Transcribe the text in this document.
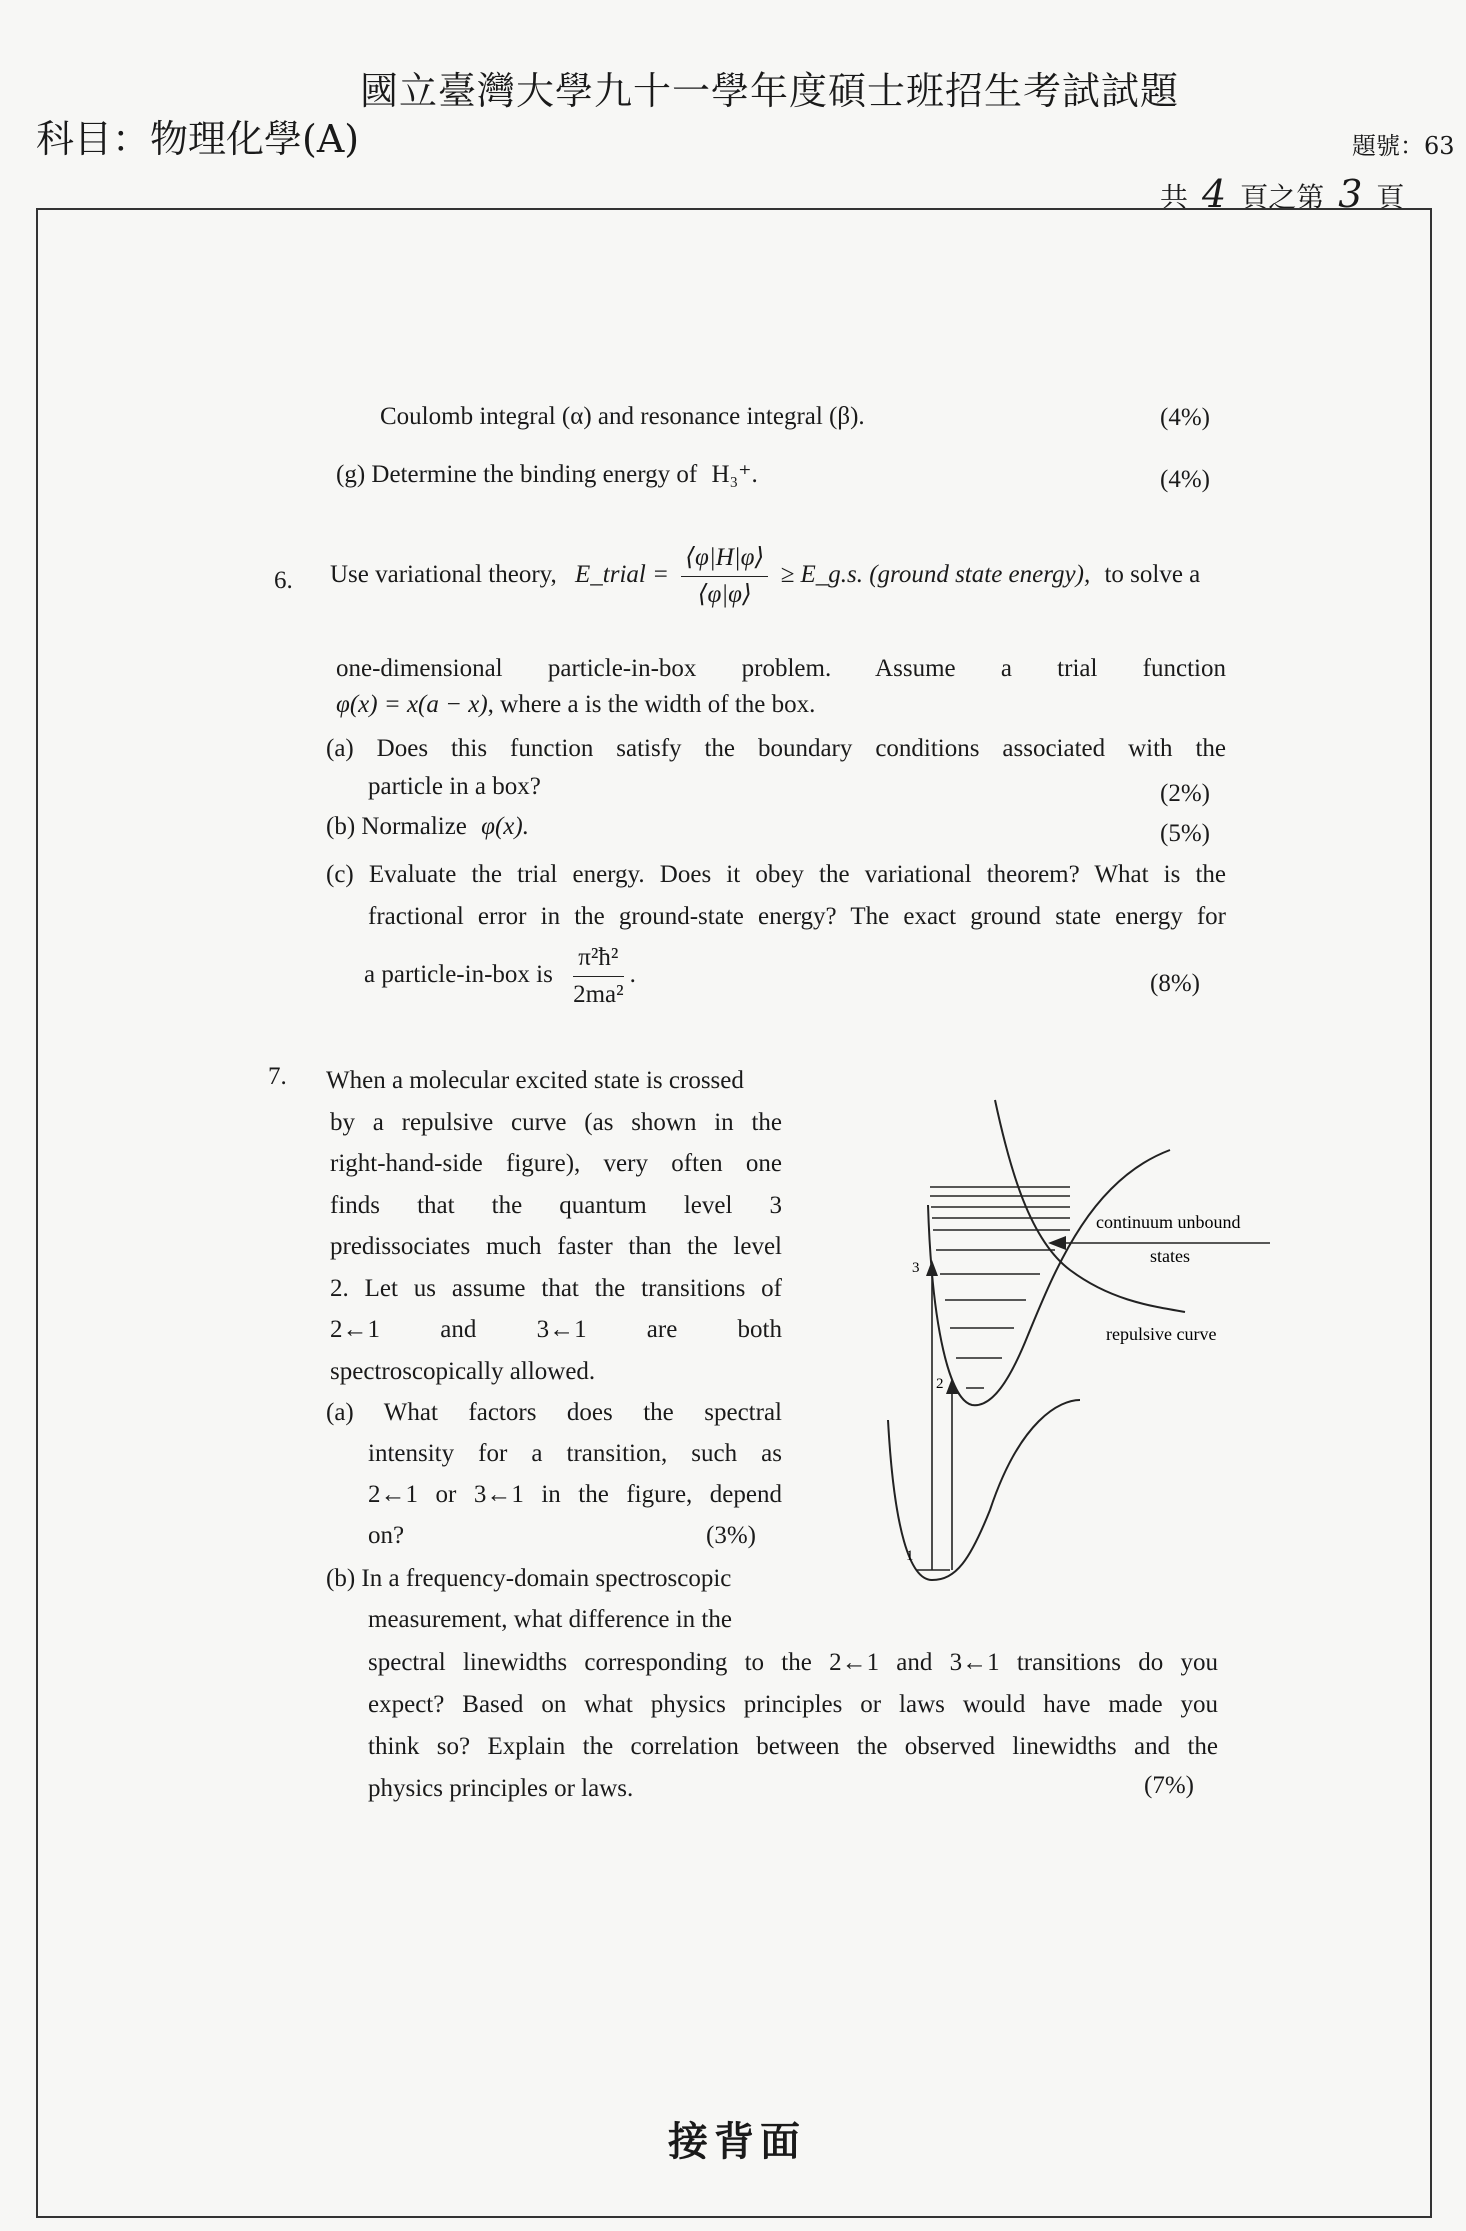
國立臺灣大學九十一學年度碩士班招生考試試題
科目：物理化學(A)	題號：63
共 4 頁之第 3 頁
Coulomb integral (α) and resonance integral (β).	(4%)
(g) Determine the binding energy of H₃⁺.	(4%)
6. Use variational theory, E_trial = $\frac{⟨\varphi|H|\varphi⟩}{⟨\varphi|\varphi⟩}$ ≥ E_g.s. (ground state energy), to solve a
one-dimensional particle-in-box problem. Assume a trial function
φ(x) = x(a − x), where a is the width of the box.
(a) Does this function satisfy the boundary conditions associated with the
particle in a box?	(2%)
(b) Normalize φ(x).	(5%)
(c) Evaluate the trial energy. Does it obey the variational theorem? What is the
fractional error in the ground-state energy? The exact ground state energy for
a particle-in-box is $\frac{\text{π²ħ²}}{\text{2ma²}}$ .	(8%)
7. When a molecular excited state is crossed
by a repulsive curve (as shown in the
right-hand-side figure), very often one
finds that the quantum level 3
predissociates much faster than the level
2. Let us assume that the transitions of
2←1 and 3←1 are both
spectroscopically allowed.
(a) What factors does the spectral
intensity for a transition, such as
2←1 or 3←1 in the figure, depend
on?	(3%)
(b) In a frequency-domain spectroscopic
measurement, what difference in the
spectral linewidths corresponding to the 2←1 and 3←1 transitions do you
expect? Based on what physics principles or laws would have made you
think so? Explain the correlation between the observed linewidths and the
physics principles or laws.	(7%)
continuum unbound
states
repulsive curve
1
2
3
接背面
